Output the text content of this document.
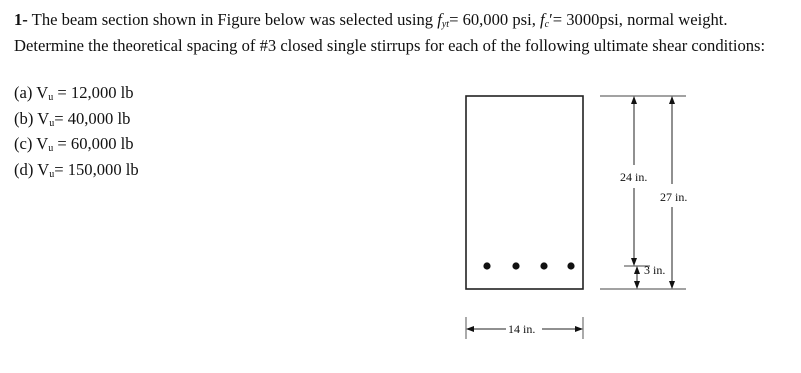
1- The beam section shown in Figure below was selected using $f_{yt}= 60,000$ psi, $f_c'= 3000psi$, normal weight. Determine the theoretical spacing of #3 closed single stirrups for each of the following ultimate shear conditions:

(a) $V_u = 12,000$ lb
(b) $V_u= 40,000$ lb
(c) $V_u = 60,000$ lb
(d) $V_u= 150,000$ lb	24 in.
27 in.
3 in.
14 in.
